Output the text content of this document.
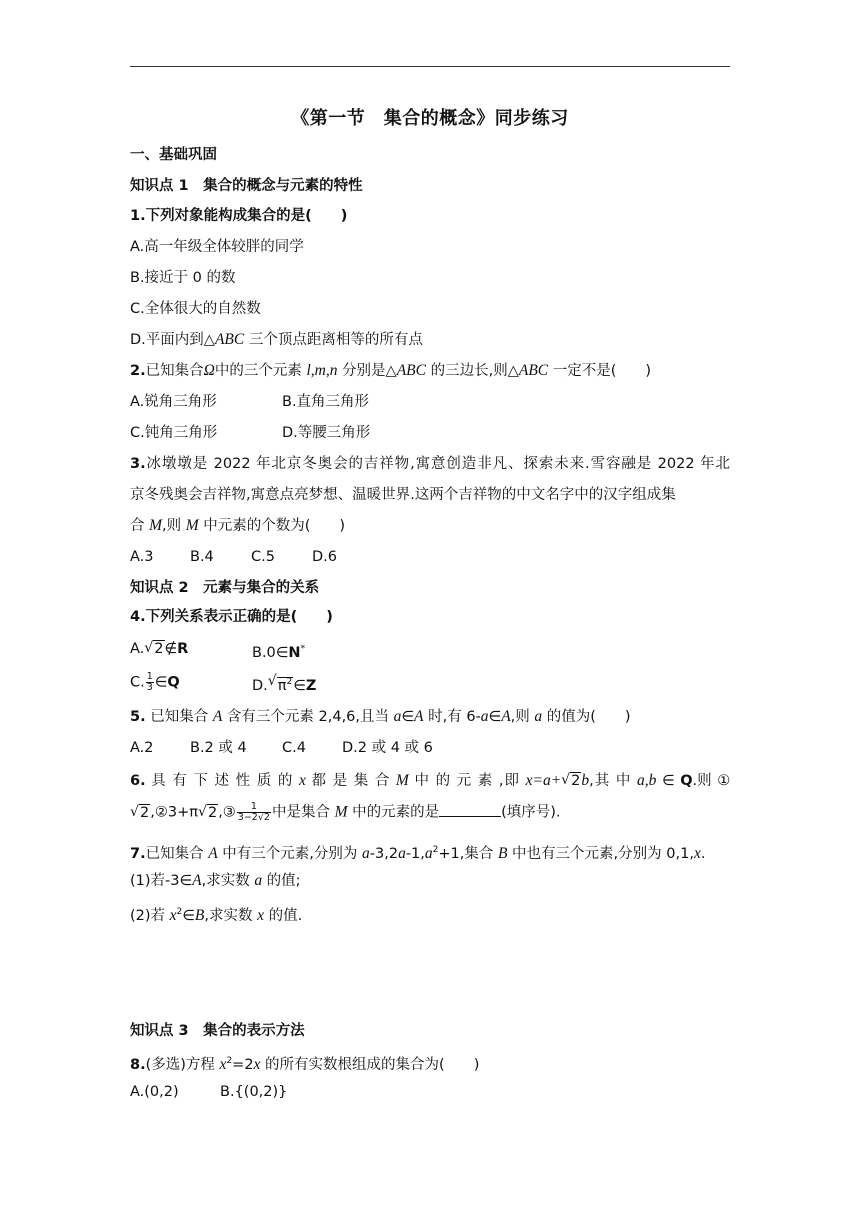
《第一节　集合的概念》同步练习
一、基础巩固
知识点 1　集合的概念与元素的特性
1.下列对象能构成集合的是(　　)
A.高一年级全体较胖的同学
B.接近于 0 的数
C.全体很大的自然数
D.平面内到△ABC 三个顶点距离相等的所有点
2.已知集合Ω中的三个元素 l,m,n 分别是△ABC 的三边长,则△ABC 一定不是(　　)
A.锐角三角形	B.直角三角形
C.钝角三角形	D.等腰三角形
3.冰墩墩是 2022 年北京冬奥会的吉祥物,寓意创造非凡、探索未来.雪容融是 2022 年北
京冬残奥会吉祥物,寓意点亮梦想、温暖世界.这两个吉祥物的中文名字中的汉字组成集
合 M,则 M 中元素的个数为(　　)
A.3	B.4	C.5	D.6
知识点 2　元素与集合的关系
4.下列关系表示正确的是(　　)
A. √ 2∉R	B.0∈N*
C. $\frac{1}{3}$ ∈Q	D. √ $\pi^2\in Z$
5. 已知集合 A 含有三个元素 2,4,6,且当 a∈A 时,有 6-a∈A,则 a 的值为(　　)
A.2	B.2 或 4 C.4 D.2 或 4 或 6
6. 具 有 下 述 性 质 的 x 都 是 集 合 M 中 的 元 素 ,即 x=a+ √ 2b,其 中 a,b ∈ Q.则 ①
√ 2,②3+π √ 2,③ $\frac{1}{3-2√2}$ 中是集合 M 中的元素的是	(填序号).
7.已知集合 A 中有三个元素,分别为 $a-3,2a-1,a^2+1$,集合 B 中也有三个元素,分别为 0,1,x.
(1)若-3∈A,求实数 a 的值;
(2)若 $x^2\in B$,求实数 x 的值.
知识点 3　集合的表示方法
8.(多选)方程 $x^2=2x$ 的所有实数根组成的集合为(　　)
A.(0,2)	B.{(0,2)}
